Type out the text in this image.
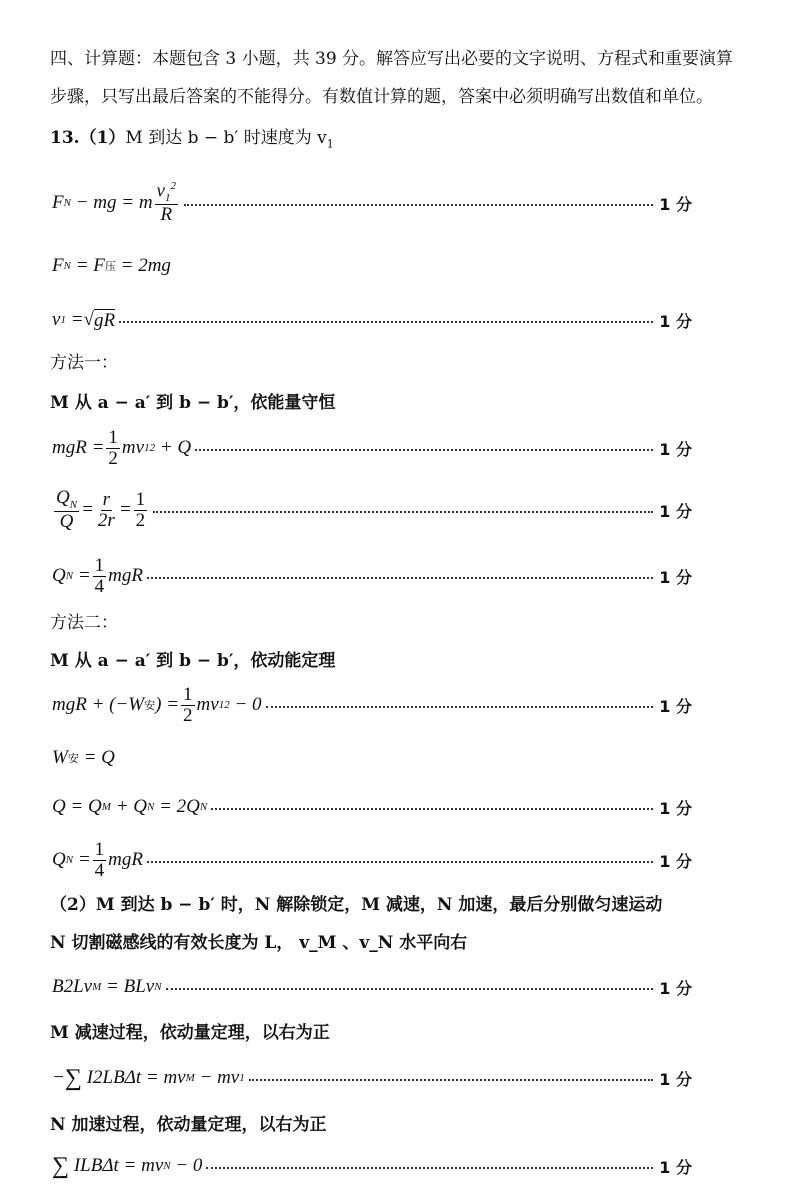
四、计算题：本题包含 3 小题，共 39 分。解答应写出必要的文字说明、方程式和重要演算步骤，只写出最后答案的不能得分。有数值计算的题，答案中必须明确写出数值和单位。
13.（1）M 到达 b − b′ 时速度为 $v_1$
F N − mg = m $\frac{v_1^2}{R}$	1 分
F N = F 压 = 2mg
v 1 = √ gR	1 分
方法一：
M 从 a − a′ 到 b − b′，依能量守恒
mgR = $\frac{1}{2}$ mv 1 2 + Q	1 分
$\frac{Q_N}{Q} = \frac{r}{2r} = \frac{1}{2}$	1 分
Q $N = \frac{1}{4}$ mgR	1 分
方法二：
M 从 a − a′ 到 b − b′，依动能定理
mgR + (−W 安 ) = $\frac{1}{2}$ mv 1 2 − 0	1 分
W 安 = Q
Q = Q M + Q N = 2Q N	1 分
Q $N = \frac{1}{4}$ mgR	1 分
（2）M 到达 b − b′ 时，N 解除锁定，M 减速，N 加速，最后分别做匀速运动
N 切割磁感线的有效长度为 L， v_M 、v_N 水平向右
B2Lv M = BLv N	1 分
M 减速过程，依动量定理，以右为正
− ∑ I2LBΔt = mv M − mv 1	1 分
N 加速过程，依动量定理，以右为正
∑ ILBΔt = mv N − 0	1 分
